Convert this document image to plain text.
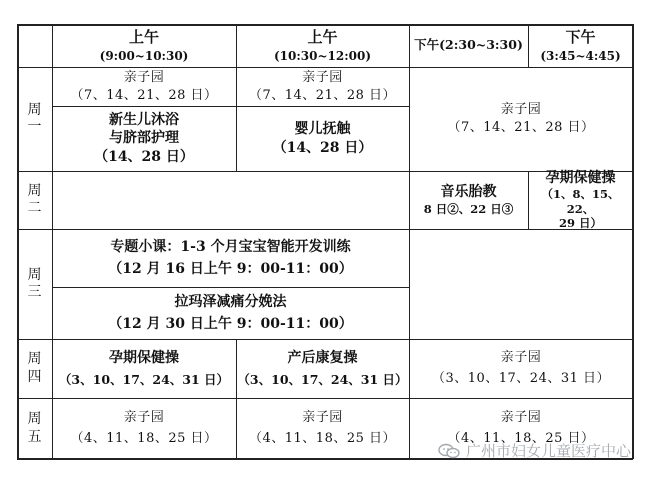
上午
(9:00~10:30)
上午
(10:30~12:00)
下午(2:30~3:30)	下午
(3:45~4:45)
周
一
周
二
周
三
周
四
周
五
亲子园
（7、14、21、28 日）
亲子园
（7、14、21、28 日）
新生儿沐浴
与脐部护理
（14、28 日）
婴儿抚触
（14、28 日）
亲子园
（7、14、21、28 日）
音乐胎教
8 日②、22 日③
孕期保健操
（1、8、15、22、
29 日）
专题小课：1-3 个月宝宝智能开发训练
（12 月 16 日上午 9：00-11：00）
拉玛泽减痛分娩法
（12 月 30 日上午 9：00-11：00）
孕期保健操
（3、10、17、24、31 日）
产后康复操
（3、10、17、24、31 日）
亲子园
（3、10、17、24、31 日）
亲子园
（4、11、18、25 日）
亲子园
（4、11、18、25 日）
亲子园
（4、11、18、25 日）
广州市妇女儿童医疗中心
